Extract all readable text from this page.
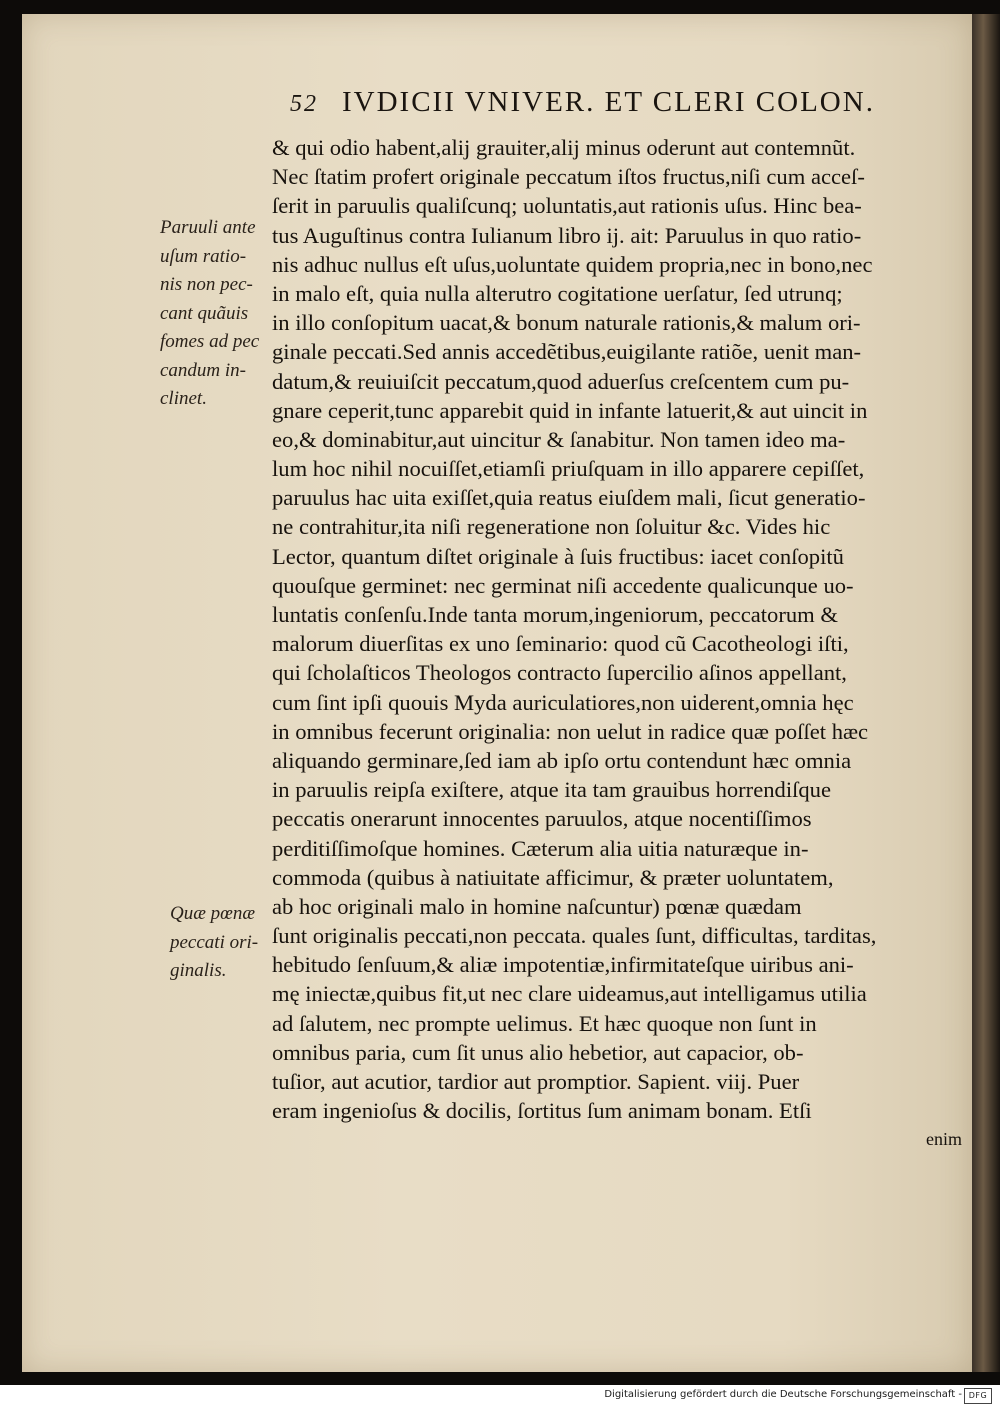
52 IVDICII VNIVER. ET CLERI COLON.
& qui odio habent,alij grauiter,alij minus oderunt aut contemnũt.
Nec ſtatim profert originale peccatum iſtos fructus,niſi cum acceſ-
ſerit in paruulis qualiſcunq; uoluntatis,aut rationis uſus. Hinc bea-
tus Auguſtinus contra Iulianum libro ij. ait: Paruulus in quo ratio-
nis adhuc nullus eſt uſus,uoluntate quidem propria,nec in bono,nec
in malo eſt, quia nulla alterutro cogitatione uerſatur, ſed utrunq;
in illo conſopitum uacat,& bonum naturale rationis,& malum ori-
ginale peccati.Sed annis accedẽtibus,euigilante ratiõe, uenit man-
datum,& reuiuiſcit peccatum,quod aduerſus creſcentem cum pu-
gnare ceperit,tunc apparebit quid in infante latuerit,& aut uincit in
eo,& dominabitur,aut uincitur & ſanabitur. Non tamen ideo ma-
lum hoc nihil nocuiſſet,etiamſi priuſquam in illo apparere cepiſſet,
paruulus hac uita exiſſet,quia reatus eiuſdem mali, ſicut generatio-
ne contrahitur,ita niſi regeneratione non ſoluitur &c. Vides hic
Lector, quantum diſtet originale à ſuis fructibus: iacet conſopitũ
quouſque germinet: nec germinat niſi accedente qualicunque uo-
luntatis conſenſu.Inde tanta morum,ingeniorum, peccatorum &
malorum diuerſitas ex uno ſeminario: quod cũ Cacotheologi iſti,
qui ſcholaſticos Theologos contracto ſupercilio aſinos appellant,
cum ſint ipſi quouis Myda auriculatiores,non uiderent,omnia hęc
in omnibus fecerunt originalia: non uelut in radice quæ poſſet hæc
aliquando germinare,ſed iam ab ipſo ortu contendunt hæc omnia
in paruulis reipſa exiſtere, atque ita tam grauibus horrendiſque
peccatis onerarunt innocentes paruulos, atque nocentiſſimos
perditiſſimoſque homines. Cæterum alia uitia naturæque in-
commoda (quibus à natiuitate afficimur, & præter uoluntatem,
ab hoc originali malo in homine naſcuntur) pœnæ quædam
ſunt originalis peccati,non peccata. quales ſunt, difficultas, tarditas,
hebitudo ſenſuum,& aliæ impotentiæ,infirmitateſque uiribus ani-
mę iniectæ,quibus fit,ut nec clare uideamus,aut intelligamus utilia
ad ſalutem, nec prompte uelimus. Et hæc quoque non ſunt in
omnibus paria, cum ſit unus alio hebetior, aut capacior, ob-
tuſior, aut acutior, tardior aut promptior. Sapient. viij. Puer
eram ingenioſus & docilis, ſortitus ſum animam bonam. Etſi
enim
Paruuli ante
uſum ratio-
nis non pec-
cant quãuis
fomes ad pec
candum in-
clinet.
Quæ pœnæ
peccati ori-
ginalis.
Digitalisierung gefördert durch die Deutsche Forschungsgemeinschaft - DFG
